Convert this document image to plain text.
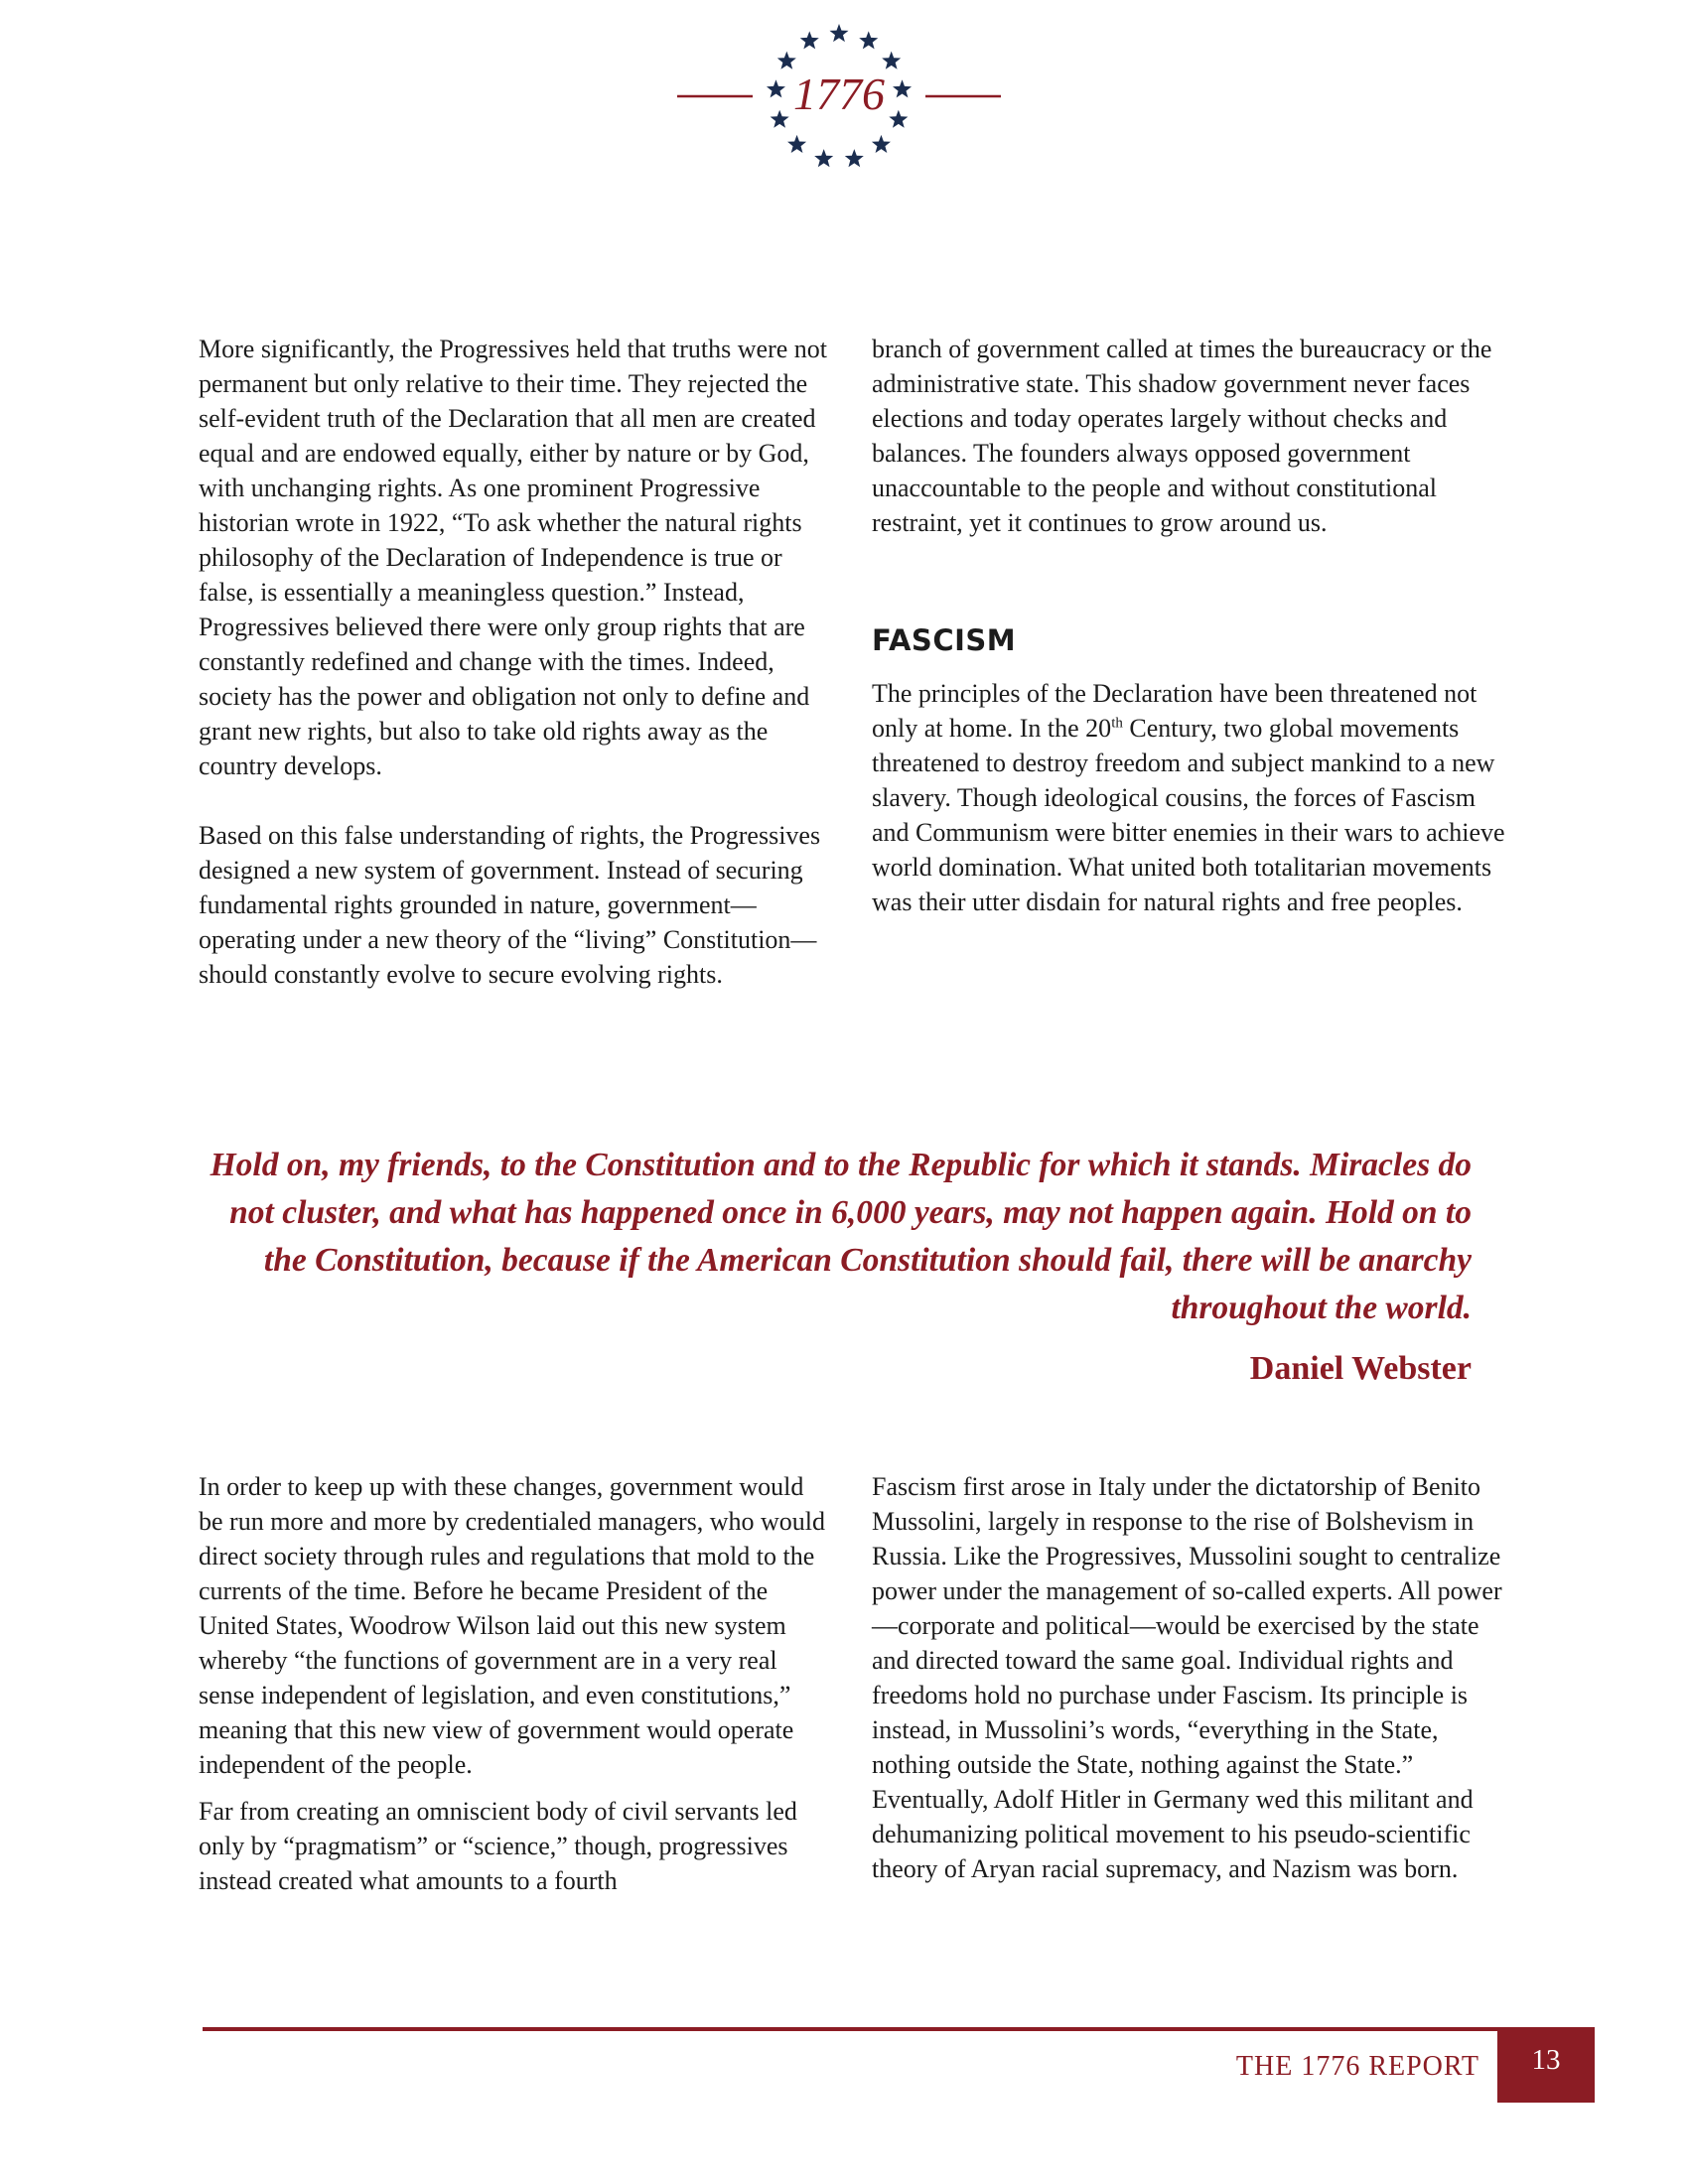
1776

More significantly, the Progressives held that truths were not permanent but only relative to their time. They rejected the self-evident truth of the Declaration that all men are created equal and are endowed equally, either by nature or by God, with unchanging rights. As one prominent Progressive historian wrote in 1922, “To ask whether the natural rights philosophy of the Declaration of Independence is true or false, is essentially a meaningless question.” Instead, Progressives believed there were only group rights that are constantly redefined and change with the times. Indeed, society has the power and obligation not only to define and grant new rights, but also to take old rights away as the country develops.

Based on this false understanding of rights, the Progressives designed a new system of government. Instead of securing fundamental rights grounded in nature, government—operating under a new theory of the “living” Constitution—should constantly evolve to secure evolving rights.

branch of government called at times the bureaucracy or the administrative state. This shadow government never faces elections and today operates largely without checks and balances. The founders always opposed government unaccountable to the people and without constitutional restraint, yet it continues to grow around us.

FASCISM

The principles of the Declaration have been threatened not only at home. In the 20th Century, two global movements threatened to destroy freedom and subject mankind to a new slavery. Though ideological cousins, the forces of Fascism and Communism were bitter enemies in their wars to achieve world domination. What united both totalitarian movements was their utter disdain for natural rights and free peoples.

Hold on, my friends, to the Constitution and to the Republic for which it stands. Miracles do not cluster, and what has happened once in 6,000 years, may not happen again. Hold on to the Constitution, because if the American Constitution should fail, there will be anarchy throughout the world.
Daniel Webster

In order to keep up with these changes, government would be run more and more by credentialed managers, who would direct society through rules and regulations that mold to the currents of the time. Before he became President of the United States, Woodrow Wilson laid out this new system whereby “the functions of government are in a very real sense independent of legislation, and even constitutions,” meaning that this new view of government would operate independent of the people.

Far from creating an omniscient body of civil servants led only by “pragmatism” or “science,” though, progressives instead created what amounts to a fourth

Fascism first arose in Italy under the dictatorship of Benito Mussolini, largely in response to the rise of Bolshevism in Russia. Like the Progressives, Mussolini sought to centralize power under the management of so-called experts. All power—corporate and political—would be exercised by the state and directed toward the same goal. Individual rights and freedoms hold no purchase under Fascism. Its principle is instead, in Mussolini’s words, “everything in the State, nothing outside the State, nothing against the State.” Eventually, Adolf Hitler in Germany wed this militant and dehumanizing political movement to his pseudo-scientific theory of Aryan racial supremacy, and Nazism was born.

THE 1776 REPORT	13
